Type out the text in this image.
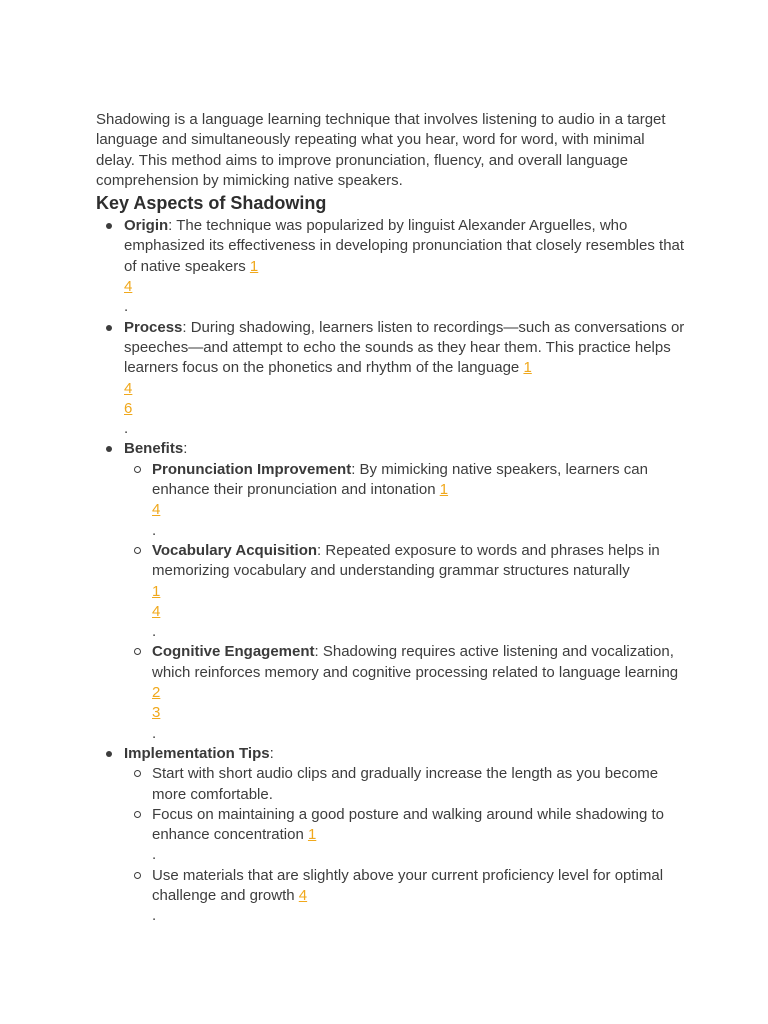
Shadowing is a language learning technique that involves listening to audio in a target language and simultaneously repeating what you hear, word for word, with minimal delay. This method aims to improve pronunciation, fluency, and overall language comprehension by mimicking native speakers.

Key Aspects of Shadowing
Origin: The technique was popularized by linguist Alexander Arguelles, who emphasized its effectiveness in developing pronunciation that closely resembles that of native speakers 1
4
.
Process: During shadowing, learners listen to recordings—such as conversations or speeches—and attempt to echo the sounds as they hear them. This practice helps learners focus on the phonetics and rhythm of the language 1
4
6
.
Benefits:
Pronunciation Improvement: By mimicking native speakers, learners can enhance their pronunciation and intonation 1
4
.
Vocabulary Acquisition: Repeated exposure to words and phrases helps in memorizing vocabulary and understanding grammar structures naturally
1
4
.
Cognitive Engagement: Shadowing requires active listening and vocalization, which reinforces memory and cognitive processing related to language learning 2
3
.
Implementation Tips:
Start with short audio clips and gradually increase the length as you become more comfortable.
Focus on maintaining a good posture and walking around while shadowing to enhance concentration 1
.
Use materials that are slightly above your current proficiency level for optimal challenge and growth 4
.
